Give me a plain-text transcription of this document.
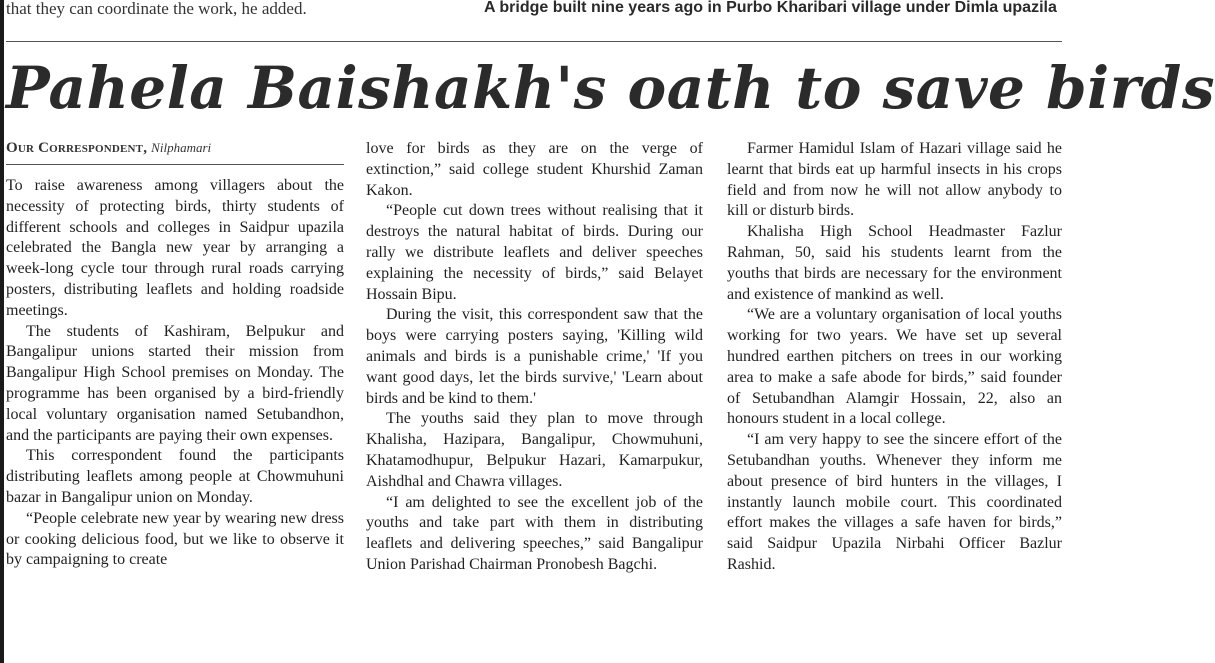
that they can coordinate the work, he added.	A bridge built nine years ago in Purbo Kharibari village under Dimla upazila
Pahela Baishakh's oath to save birds
Our Correspondent, Nilphamari

To raise awareness among villagers about the necessity of protecting birds, thirty students of different schools and colleges in Saidpur upazila celebrated the Bangla new year by arranging a week-long cycle tour through rural roads carrying posters, distributing leaflets and holding roadside meetings.

The students of Kashiram, Belpukur and Bangalipur unions started their mission from Bangalipur High School premises on Monday. The programme has been organised by a bird-friendly local voluntary organisation named Setubandhon, and the participants are paying their own expenses.

This correspondent found the participants distributing leaflets among people at Chowmuhuni bazar in Bangalipur union on Monday.

“People celebrate new year by wearing new dress or cooking delicious food, but we like to observe it by campaigning to create

love for birds as they are on the verge of extinction,” said college student Khurshid Zaman Kakon.

“People cut down trees without realising that it destroys the natural habitat of birds. During our rally we distribute leaflets and deliver speeches explaining the necessity of birds,” said Belayet Hossain Bipu.

During the visit, this correspondent saw that the boys were carrying posters saying, 'Killing wild animals and birds is a punishable crime,' 'If you want good days, let the birds survive,' 'Learn about birds and be kind to them.'

The youths said they plan to move through Khalisha, Hazipara, Bangalipur, Chowmuhuni, Khatamodhupur, Belpukur Hazari, Kamarpukur, Aishdhal and Chawra villages.

“I am delighted to see the excellent job of the youths and take part with them in distributing leaflets and delivering speeches,” said Bangalipur Union Parishad Chairman Pronobesh Bagchi.

Farmer Hamidul Islam of Hazari village said he learnt that birds eat up harmful insects in his crops field and from now he will not allow anybody to kill or disturb birds.

Khalisha High School Headmaster Fazlur Rahman, 50, said his students learnt from the youths that birds are necessary for the environment and existence of mankind as well.

“We are a voluntary organisation of local youths working for two years. We have set up several hundred earthen pitchers on trees in our working area to make a safe abode for birds,” said founder of Setubandhan Alamgir Hossain, 22, also an honours student in a local college.

“I am very happy to see the sincere effort of the Setubandhan youths. Whenever they inform me about presence of bird hunters in the villages, I instantly launch mobile court. This coordinated effort makes the villages a safe haven for birds,” said Saidpur Upazila Nirbahi Officer Bazlur Rashid.
